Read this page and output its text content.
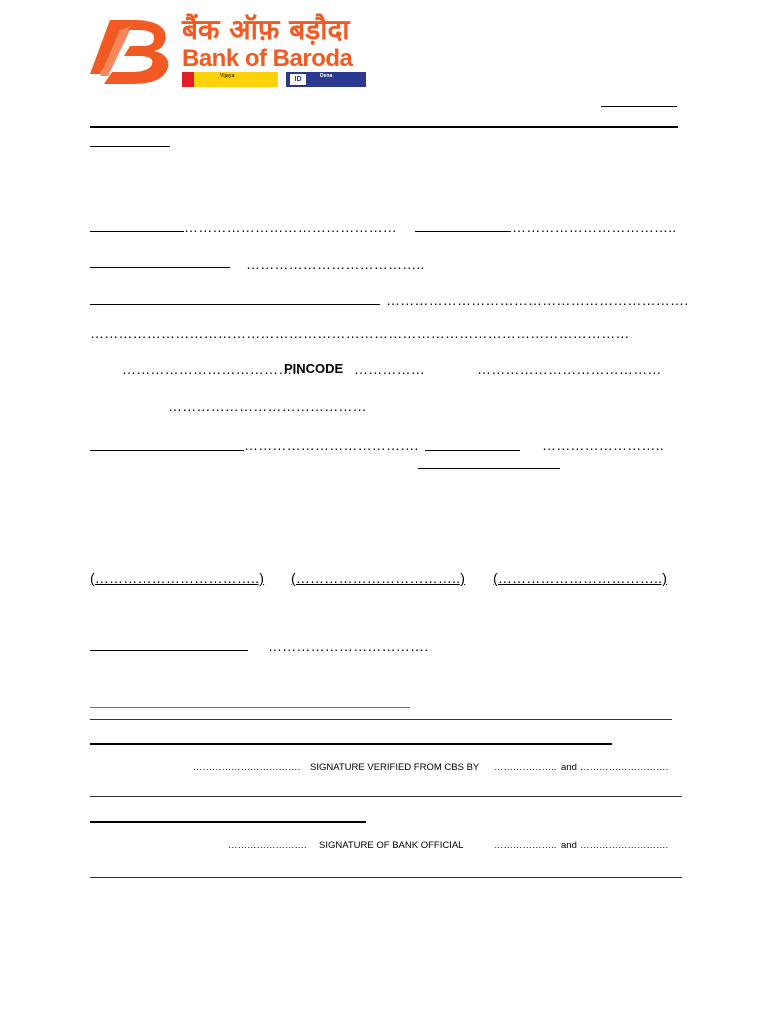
बैंक ऑफ़ बड़ौदा
Bank of Baroda
Vijaya	ID	Dena
………………………………………	……………………………..
………………………………..
……………………………………………………….
……………………………………………………………………………………………………
………………………………..
PINCODE ……………	…………………………………
……………………………………
……………………………….	……………………..
(……………………………..) (……………………………..) (……………………………..)
…………………………….
……………………………. SIGNATURE VERIFIED FROM CBS BY ……………….. and ……………………….
……………………. SIGNATURE OF BANK OFFICIAL	……………….. and ……………………….
